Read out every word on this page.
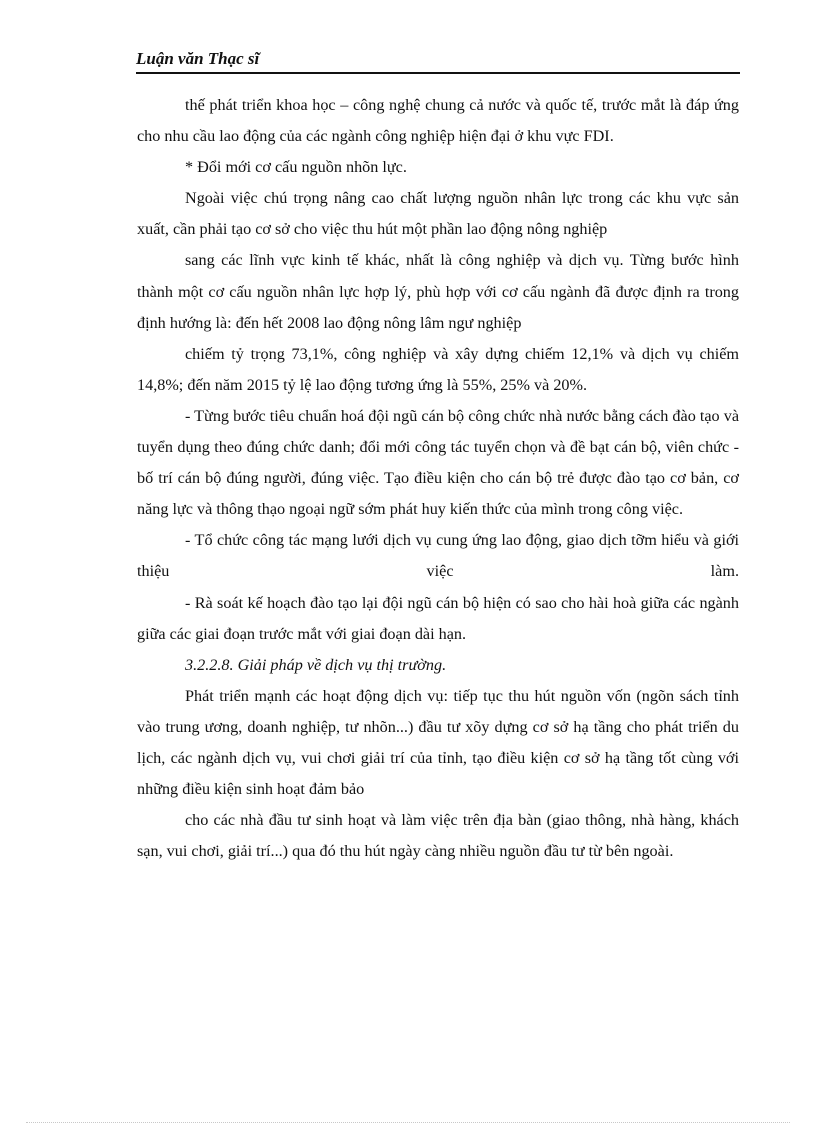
Luận văn Thạc sĩ

thế phát triển khoa học – công nghệ chung cả nước và quốc tế, trước mắt là đáp ứng cho nhu cầu lao động của các ngành công nghiệp hiện đại ở khu vực FDI.

* Đổi mới cơ cấu nguồn nhõn lực.

Ngoài việc chú trọng nâng cao chất lượng nguồn nhân lực trong các khu vực sản xuất, cần phải tạo cơ sở cho việc thu hút một phần lao động nông nghiệp

sang các lĩnh vực kinh tế khác, nhất là công nghiệp và dịch vụ. Từng bước hình thành một cơ cấu nguồn nhân lực hợp lý, phù hợp với cơ cấu ngành đã được định ra trong định hướng là: đến hết 2008 lao động nông lâm ngư nghiệp

chiếm tỷ trọng 73,1%, công nghiệp và xây dựng chiếm 12,1% và dịch vụ chiếm 14,8%; đến năm 2015 tỷ lệ lao động tương ứng là 55%, 25% và 20%.

- Từng bước tiêu chuẩn hoá đội ngũ cán bộ công chức nhà nước bằng cách đào tạo và tuyển dụng theo đúng chức danh; đổi mới công tác tuyển chọn và đề bạt cán bộ, viên chức - bố trí cán bộ đúng người, đúng việc. Tạo điều kiện cho cán bộ trẻ được đào tạo cơ bản, cơ năng lực và thông thạo ngoại ngữ sớm phát huy kiến thức của mình trong công việc.

- Tổ chức công tác mạng lưới dịch vụ cung ứng lao động, giao dịch tỡm hiểu và giới thiệu việc làm.

- Rà soát kế hoạch đào tạo lại đội ngũ cán bộ hiện có sao cho hài hoà giữa các ngành giữa các giai đoạn trước mắt với giai đoạn dài hạn.

3.2.2.8. Giải pháp về dịch vụ thị trường.

Phát triển mạnh các hoạt động dịch vụ: tiếp tục thu hút nguồn vốn (ngõn sách tỉnh vào trung ương, doanh nghiệp, tư nhõn...) đầu tư xõy dựng cơ sở hạ tầng cho phát triển du lịch, các ngành dịch vụ, vui chơi giải trí của tỉnh, tạo điều kiện cơ sở hạ tầng tốt cùng với những điều kiện sinh hoạt đảm bảo

cho các nhà đầu tư sinh hoạt và làm việc trên địa bàn (giao thông, nhà hàng, khách sạn, vui chơi, giải trí...) qua đó thu hút ngày càng nhiều nguồn đầu tư từ bên ngoài.
